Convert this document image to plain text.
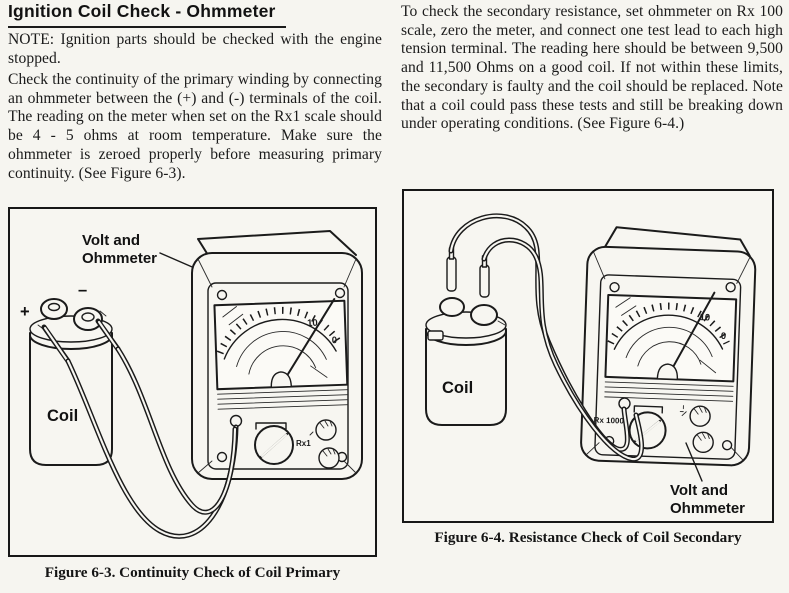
Ignition Coil Check - Ohmmeter

NOTE: Ignition parts should be checked with the engine stopped.

Check the continuity of the primary winding by connecting an ohmmeter between the (+) and (-) terminals of the coil. The reading on the meter when set on the Rx1 scale should be 4 - 5 ohms at room temperature. Make sure the ohmmeter is zeroed properly before measuring primary continuity. (See Figure 6-3).

To check the secondary resistance, set ohmmeter on Rx 100 scale, zero the meter, and connect one test lead to each high tension terminal. The reading here should be between 9,500 and 11,500 Ohms on a good coil. If not within these limits, the secondary is faulty and the coil should be replaced. Note that a coil could pass these tests and still be breaking down under operating conditions. (See Figure 6-4.)

Volt and
Ohmmeter
10
0
Rx1
+
–
Coil

Figure 6-3. Continuity Check of Coil Primary

10
0
Rx 1000
Coil
Volt and
Ohmmeter

Figure 6-4. Resistance Check of Coil Secondary
